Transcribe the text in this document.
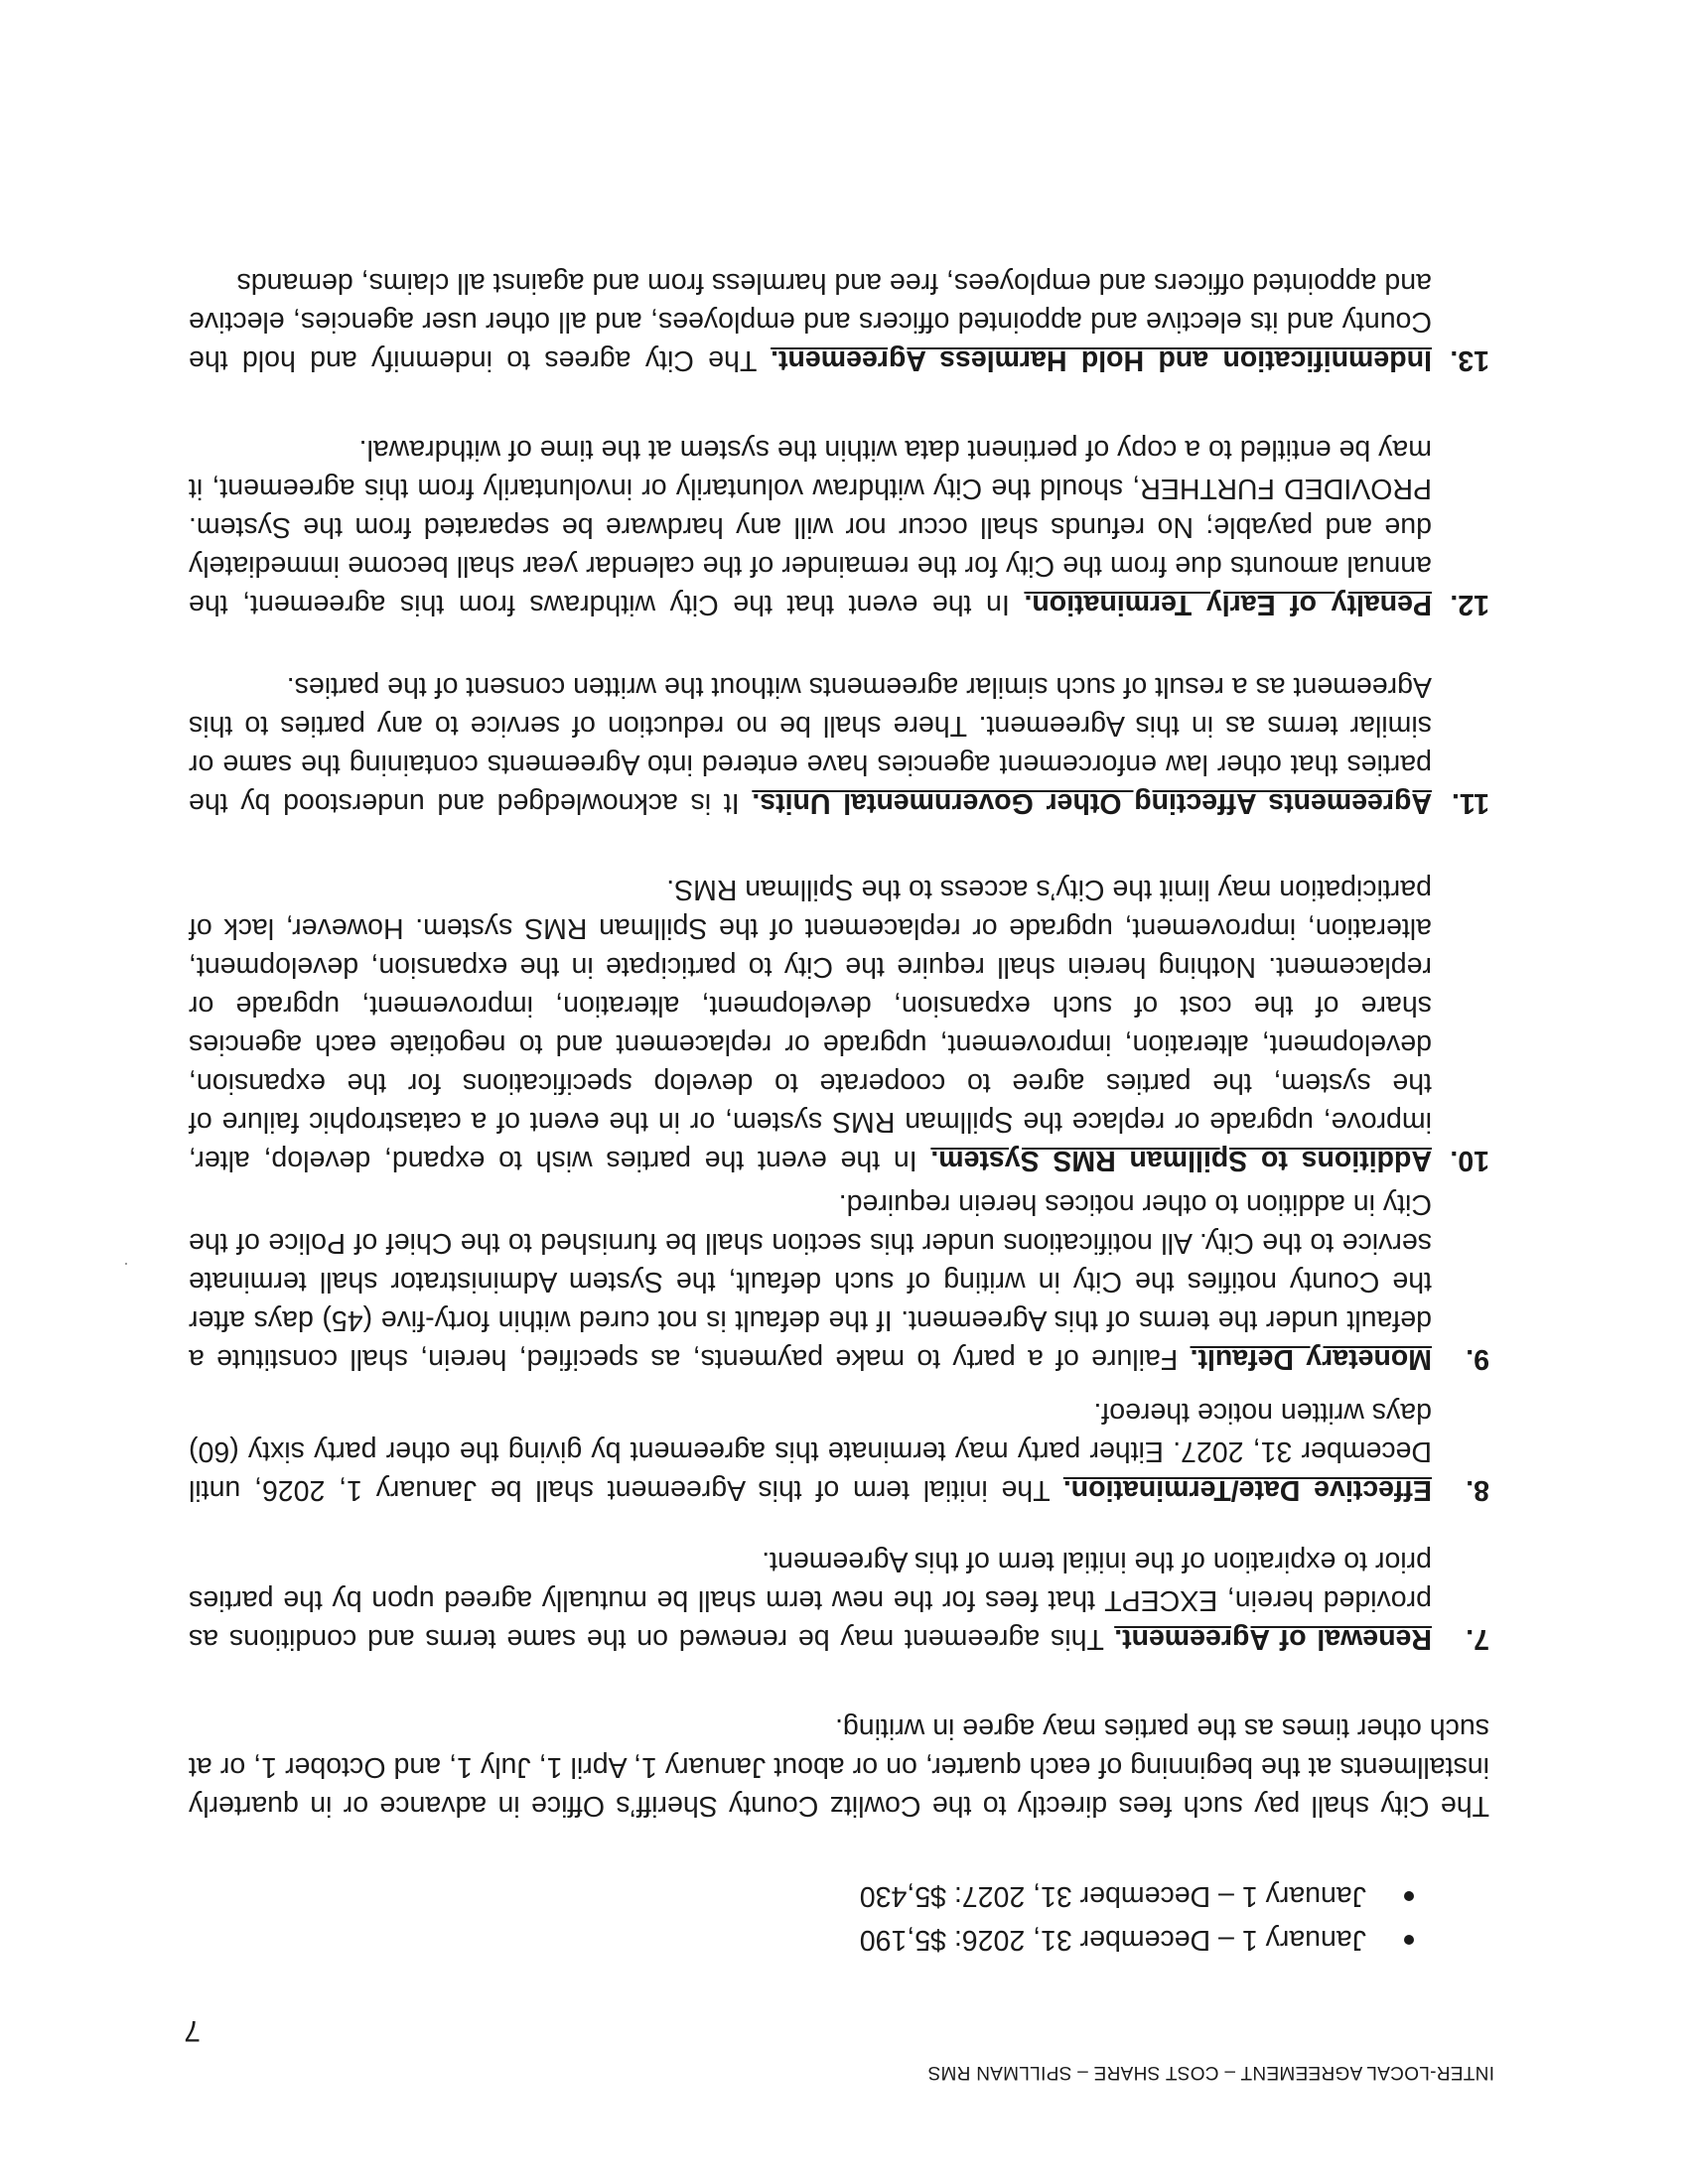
INTER-LOCAL AGREEMENT – COST SHARE – SPILLMAN RMS
7
13.

Indemnification and Hold Harmless Agreement. The City agrees to indemnify and hold the County and its elective and appointed officers and employees, and all other user agencies, elective and appointed officers and employees, free and harmless from and against all claims, demands

12.

Penalty of Early Termination. In the event that the City withdraws from this agreement, the annual amounts due from the City for the remainder of the calendar year shall become immediately due and payable; No refunds shall occur nor will any hardware be separated from the System. PROVIDED FURTHER, should the City withdraw voluntarily or involuntarily from this agreement, it may be entitled to a copy of pertinent data within the system at the time of withdrawal.

11.

Agreements Affecting Other Governmental Units. It is acknowledged and understood by the parties that other law enforcement agencies have entered into Agreements containing the same or similar terms as in this Agreement. There shall be no reduction of service to any parties to this Agreement as a result of such similar agreements without the written consent of the parties.

10.

Additions to Spillman RMS System. In the event the parties wish to expand, develop, alter, improve, upgrade or replace the Spillman RMS system, or in the event of a catastrophic failure of the system, the parties agree to cooperate to develop specifications for the expansion, development, alteration, improvement, upgrade or replacement and to negotiate each agencies share of the cost of such expansion, development, alteration, improvement, upgrade or replacement. Nothing herein shall require the City to participate in the expansion, development, alteration, improvement, upgrade or replacement of the Spillman RMS system. However, lack of participation may limit the City’s access to the Spillman RMS.

9.

Monetary Default. Failure of a party to make payments, as specified, herein, shall constitute a default under the terms of this Agreement. If the default is not cured within forty-five (45) days after the County notifies the City in writing of such default, the System Administrator shall terminate service to the City. All notifications under this section shall be furnished to the Chief of Police of the City in addition to other notices herein required.

8.

Effective Date/Termination. The initial term of this Agreement shall be January 1, 2026, until December 31, 2027. Either party may terminate this agreement by giving the other party sixty (60) days written notice thereof.

7.

Renewal of Agreement. This agreement may be renewed on the same terms and conditions as provided herein, EXCEPT that fees for the new term shall be mutually agreed upon by the parties prior to expiration of the initial term of this Agreement.

The City shall pay such fees directly to the Cowlitz County Sheriff’s Office in advance or in quarterly installments at the beginning of each quarter, on or about January 1, April 1, July 1, and October 1, or at such other times as the parties may agree in writing.

January 1 – December 31, 2026: $5,190
January 1 – December 31, 2027: $5,430
